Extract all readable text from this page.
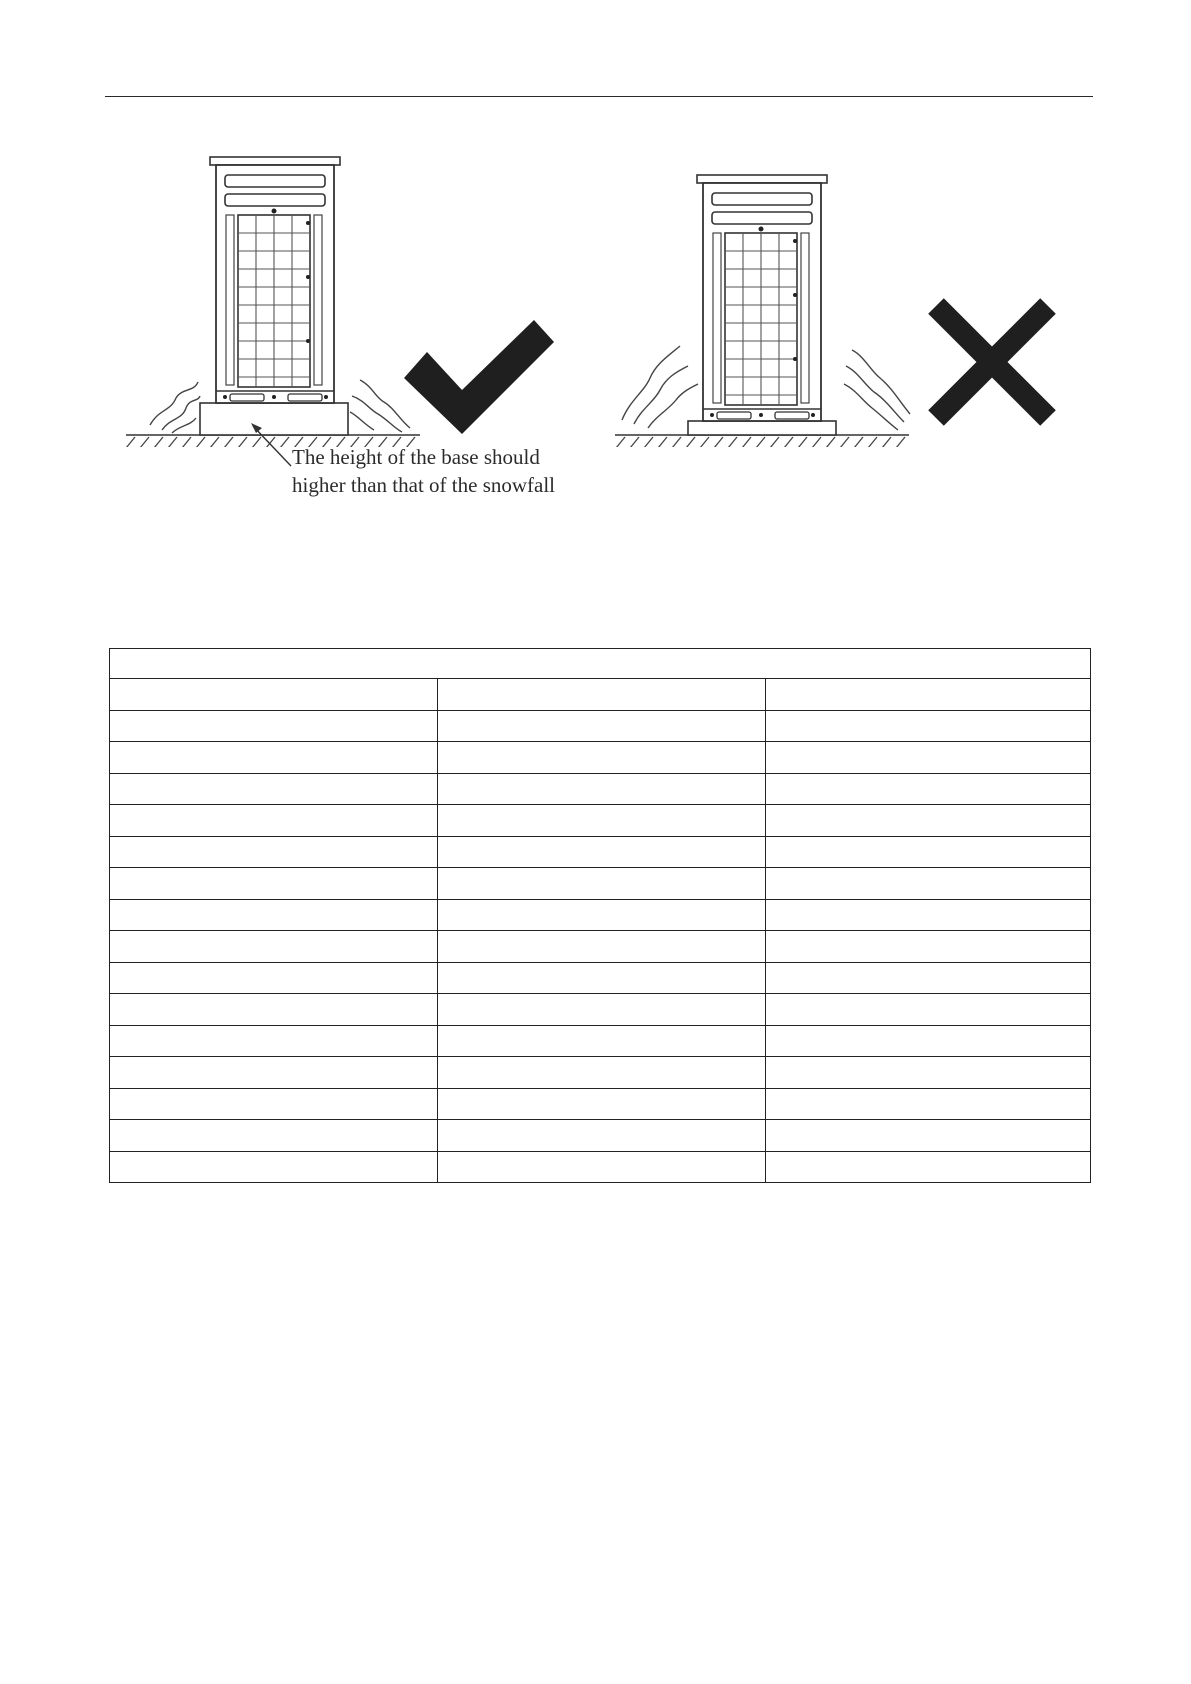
The height of the base should
higher than that of the snowfall
